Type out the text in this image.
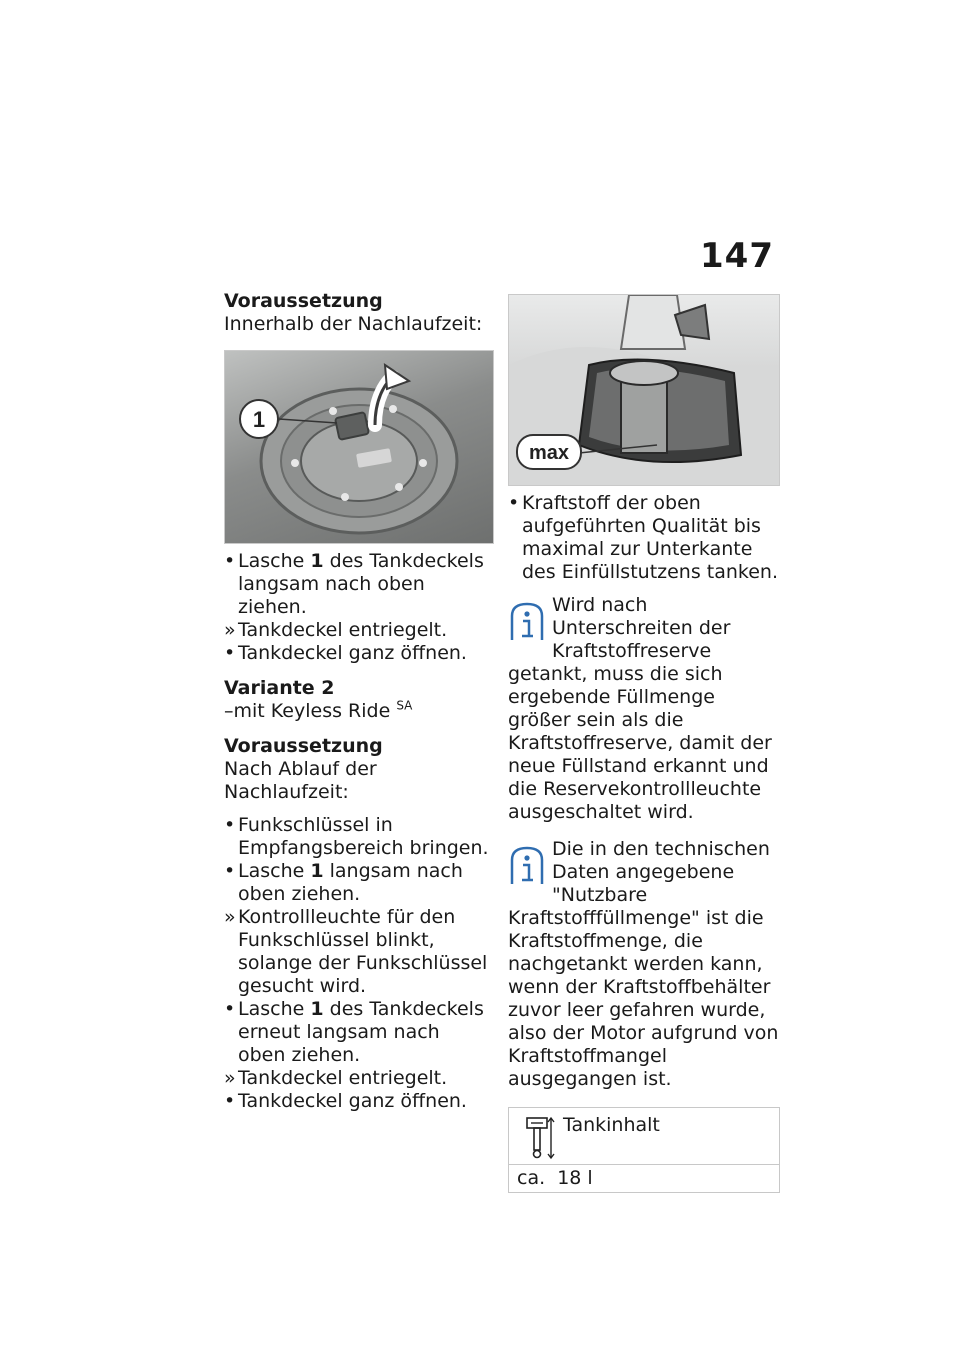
147

Voraussetzung

Innerhalb der Nachlaufzeit:

1

• Lasche 1 des Tankdeckels langsam nach oben ziehen.

» Tankdeckel entriegelt.

• Tankdeckel ganz öffnen.

Variante 2

–mit Keyless Ride $^{SA}$

Voraussetzung

Nach Ablauf der Nachlaufzeit:

• Funkschlüssel in Empfangsbereich bringen.

• Lasche 1 langsam nach oben ziehen.

» Kontrollleuchte für den Funkschlüssel blinkt, solange der Funkschlüssel gesucht wird.

• Lasche 1 des Tankdeckels erneut langsam nach oben ziehen.

» Tankdeckel entriegelt.

• Tankdeckel ganz öffnen.

max

• Kraftstoff der oben aufgeführten Qualität bis maximal zur Unterkante des Einfüllstutzens tanken.

Wird nach Unterschreiten der Kraftstoffreserve getankt, muss die sich ergebende Füllmenge größer sein als die Kraftstoffreserve, damit der neue Füllstand erkannt und die Reservekontrollleuchte ausgeschaltet wird.
Die in den technischen Daten angegebene "Nutzbare Kraftstofffüllmenge" ist die Kraftstoffmenge, die nachgetankt werden kann, wenn der Kraftstoffbehälter zuvor leer gefahren wurde, also der Motor aufgrund von Kraftstoffmangel ausgegangen ist.
Tankinhalt
ca.  18 l
